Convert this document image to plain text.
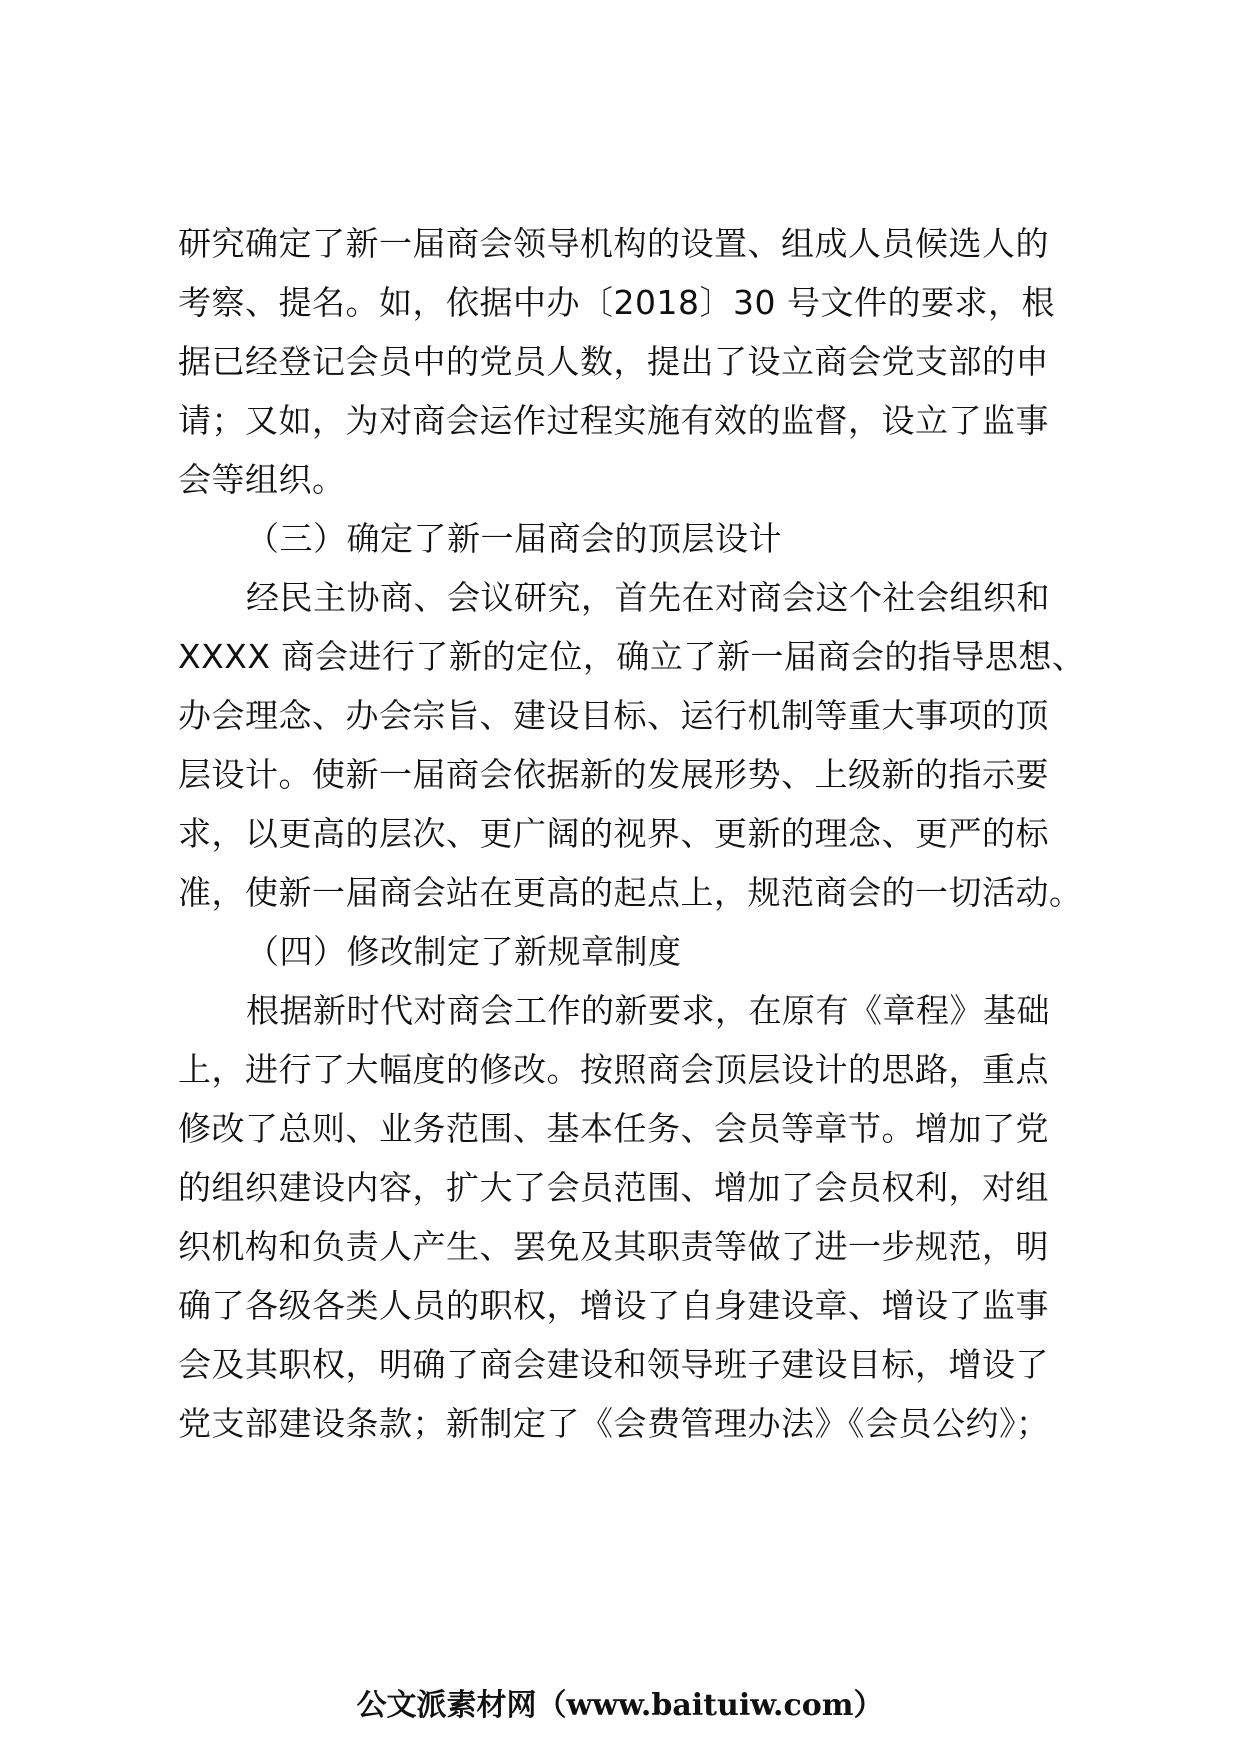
研究确定了新一届商会领导机构的设置、组成人员候选人的
考察、提名。如，依据中办〔2018〕30 号文件的要求，根
据已经登记会员中的党员人数，提出了设立商会党支部的申
请；又如，为对商会运作过程实施有效的监督，设立了监事
会等组织。
（三）确定了新一届商会的顶层设计
经民主协商、会议研究，首先在对商会这个社会组织和
XXXX 商会进行了新的定位，确立了新一届商会的指导思想、
办会理念、办会宗旨、建设目标、运行机制等重大事项的顶
层设计。使新一届商会依据新的发展形势、上级新的指示要
求，以更高的层次、更广阔的视界、更新的理念、更严的标
准，使新一届商会站在更高的起点上，规范商会的一切活动。
（四）修改制定了新规章制度
根据新时代对商会工作的新要求，在原有《章程》基础
上，进行了大幅度的修改。按照商会顶层设计的思路，重点
修改了总则、业务范围、基本任务、会员等章节。增加了党
的组织建设内容，扩大了会员范围、增加了会员权利，对组
织机构和负责人产生、罢免及其职责等做了进一步规范，明
确了各级各类人员的职权，增设了自身建设章、增设了监事
会及其职权，明确了商会建设和领导班子建设目标，增设了
党支部建设条款；新制定了《会费管理办法》《会员公约》；
公文派素材网（www.baituiw.com）
